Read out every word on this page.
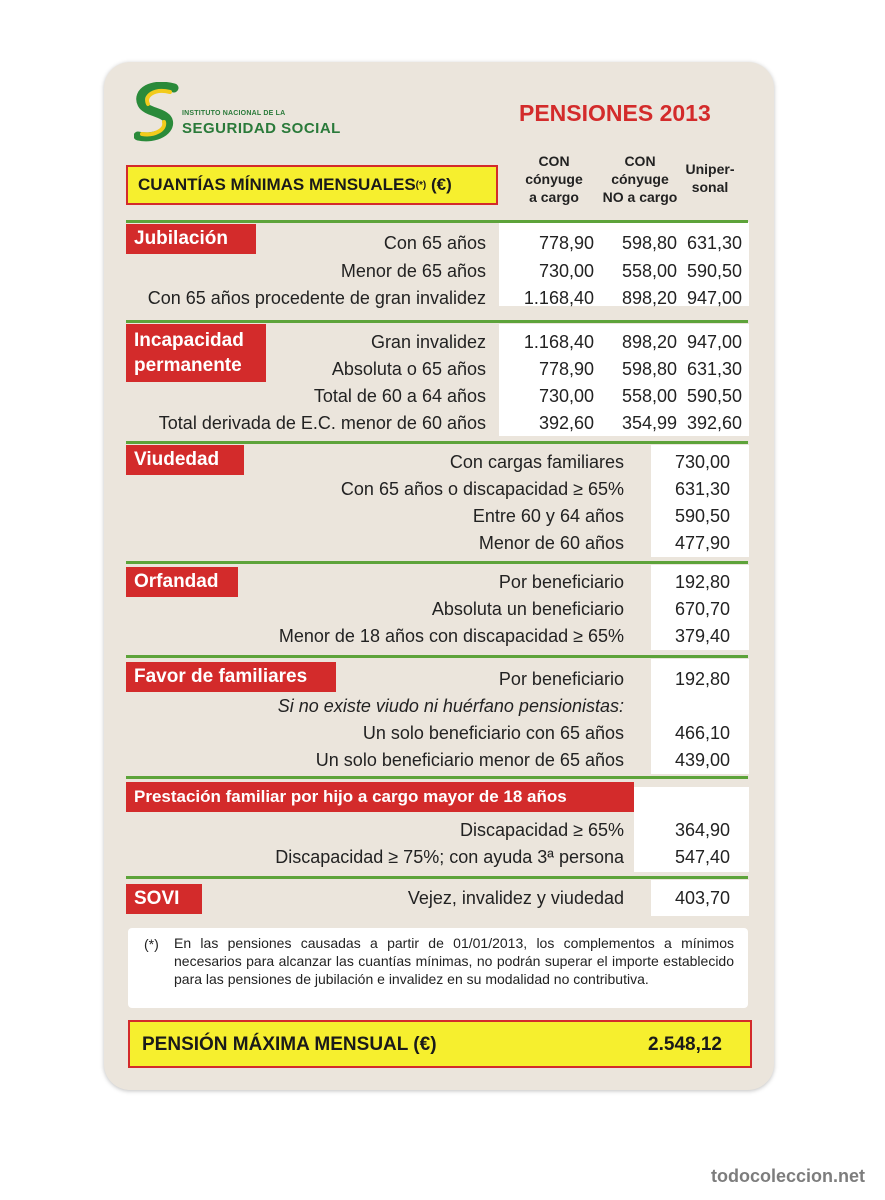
INSTITUTO NACIONAL DE LA
SEGURIDAD SOCIAL
PENSIONES 2013
CUANTÍAS MÍNIMAS MENSUALES (*)
(€)
CON
cónyuge
a cargo
CON
cónyuge
NO a cargo
Uniper-
sonal
Jubilación	Con 65 años	778,90 598,80 631,30
Menor de 65 años	730,00 558,00 590,50
Con 65 años procedente de gran invalidez 1.168,40 898,20 947,00
Incapacidad
permanente
Gran invalidez 1.168,40 898,20 947,00
Absoluta o 65 años	778,90 598,80 631,30
Total de 60 a 64 años	730,00 558,00 590,50
Total derivada de E.C. menor de 60 años	392,60 354,99 392,60
Viudedad	Con cargas familiares	730,00
Con 65 años o discapacidad ≥ 65%	631,30
Entre 60 y 64 años	590,50
Menor de 60 años	477,90
Orfandad	Por beneficiario	192,80
Absoluta un beneficiario	670,70
Menor de 18 años con discapacidad ≥ 65%	379,40
Favor de familiares	Por beneficiario	192,80
Si no existe viudo ni huérfano pensionistas:
Un solo beneficiario con 65 años	466,10
Un solo beneficiario menor de 65 años	439,00
Prestación familiar por hijo a cargo mayor de 18 años
Discapacidad ≥ 65%	364,90
Discapacidad ≥ 75%; con ayuda 3ª persona	547,40
SOVI	Vejez, invalidez y viudedad	403,70
(*) En las pensiones causadas a partir de 01/01/2013, los complementos a mínimos necesarios para alcanzar las cuantías mínimas, no podrán superar el importe establecido para las pensiones de jubilación e invalidez en su modalidad no contributiva.
PENSIÓN MÁXIMA MENSUAL (€)	2.548,12
todocoleccion.net
